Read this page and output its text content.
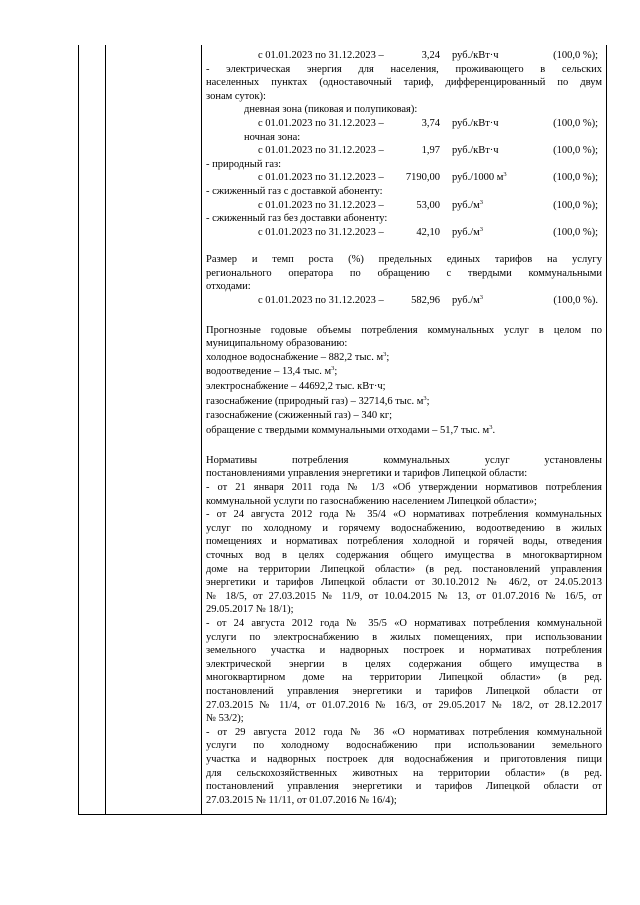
с 01.01.2023 по 31.12.2023 –	3,24 руб./кВт·ч	(100,0 %);
- электрическая энергия для населения, проживающего в сельских
населенных пунктах (одноставочный тариф, дифференцированный по двум
зонам суток):
дневная зона (пиковая и полупиковая):
с 01.01.2023 по 31.12.2023 –	3,74 руб./кВт·ч	(100,0 %);
ночная зона:
с 01.01.2023 по 31.12.2023 –	1,97 руб./кВт·ч	(100,0 %);
- природный газ:
с 01.01.2023 по 31.12.2023 – 7190,00 руб./1000 $м^3$	(100,0 %);
- сжиженный газ с доставкой абоненту:
с 01.01.2023 по 31.12.2023 –	53,00 $руб./м^3$	(100,0 %);
- сжиженный газ без доставки абоненту:
с 01.01.2023 по 31.12.2023 –	42,10 $руб./м^3$	(100,0 %);
Размер и темп роста (%) предельных единых тарифов на услугу
регионального оператора по обращению с твердыми коммунальными
отходами:
с 01.01.2023 по 31.12.2023 –	582,96 $руб./м^3$	(100,0 %).
Прогнозные годовые объемы потребления коммунальных услуг в целом по
муниципальному образованию:
холодное водоснабжение – 882,2 тыс. $м^3$;
водоотведение – 13,4 тыс. $м^3$;
электроснабжение – 44692,2 тыс. кВт·ч;
газоснабжение (природный газ) – 32714,6 тыс. $м^3$;
газоснабжение (сжиженный газ) – 340 кг;
обращение с твердыми коммунальными отходами – 51,7 тыс. $м^3$.
Нормативы потребления коммунальных услуг установлены
постановлениями управления энергетики и тарифов Липецкой области:
- от 21 января 2011 года № 1/3 «Об утверждении нормативов потребления
коммунальной услуги по газоснабжению населением Липецкой области»;
- от 24 августа 2012 года № 35/4 «О нормативах потребления коммунальных
услуг по холодному и горячему водоснабжению, водоотведению в жилых
помещениях и нормативах потребления холодной и горячей воды, отведения
сточных вод в целях содержания общего имущества в многоквартирном
доме на территории Липецкой области» (в ред. постановлений управления
энергетики и тарифов Липецкой области от 30.10.2012 № 46/2, от 24.05.2013
№ 18/5, от 27.03.2015 № 11/9, от 10.04.2015 № 13, от 01.07.2016 № 16/5, от
29.05.2017 № 18/1);
- от 24 августа 2012 года № 35/5 «О нормативах потребления коммунальной
услуги по электроснабжению в жилых помещениях, при использовании
земельного участка и надворных построек и нормативах потребления
электрической энергии в целях содержания общего имущества в
многоквартирном доме на территории Липецкой области» (в ред.
постановлений управления энергетики и тарифов Липецкой области от
27.03.2015 № 11/4, от 01.07.2016 № 16/3, от 29.05.2017 № 18/2, от 28.12.2017
№ 53/2);
- от 29 августа 2012 года № 36 «О нормативах потребления коммунальной
услуги по холодному водоснабжению при использовании земельного
участка и надворных построек для водоснабжения и приготовления пищи
для сельскохозяйственных животных на территории области» (в ред.
постановлений управления энергетики и тарифов Липецкой области от
27.03.2015 № 11/11, от 01.07.2016 № 16/4);
